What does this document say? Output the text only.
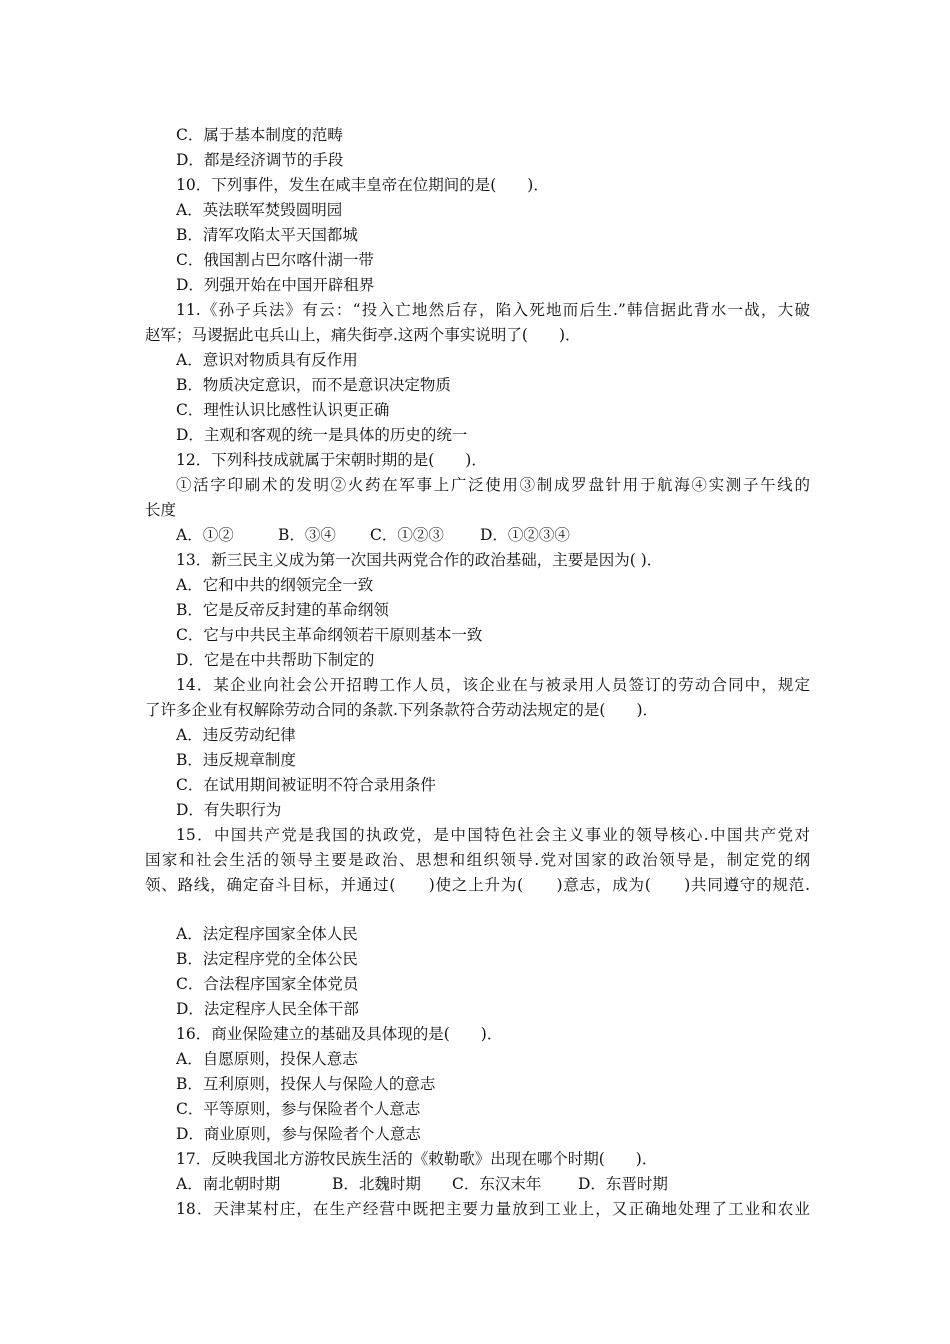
C．属于基本制度的范畴
D．都是经济调节的手段
10．下列事件，发生在咸丰皇帝在位期间的是(　　)．
A．英法联军焚毁圆明园
B．清军攻陷太平天国都城
C．俄国割占巴尔喀什湖一带
D．列强开始在中国开辟租界
11.《孙子兵法》有云：“投入亡地然后存，陷入死地而后生.”韩信据此背水一战，大破
赵军；马谡据此屯兵山上，痛失街亭.这两个事实说明了(　　)．
A．意识对物质具有反作用
B．物质决定意识，而不是意识决定物质
C．理性认识比感性认识更正确
D．主观和客观的统一是具体的历史的统一
12．下列科技成就属于宋朝时期的是(　　)．
①活字印刷术的发明②火药在军事上广泛使用③制成罗盘针用于航海④实测子午线的
长度
A．①②	B．③④	C．①②③	D．①②③④
13．新三民主义成为第一次国共两党合作的政治基础，主要是因为( )．
A．它和中共的纲领完全一致
B．它是反帝反封建的革命纲领
C．它与中共民主革命纲领若干原则基本一致
D．它是在中共帮助下制定的
14．某企业向社会公开招聘工作人员，该企业在与被录用人员签订的劳动合同中，规定
了许多企业有权解除劳动合同的条款.下列条款符合劳动法规定的是(　　)．
A．违反劳动纪律
B．违反规章制度
C．在试用期间被证明不符合录用条件
D．有失职行为
15．中国共产党是我国的执政党，是中国特色社会主义事业的领导核心.中国共产党对
国家和社会生活的领导主要是政治、思想和组织领导.党对国家的政治领导是，制定党的纲
领、路线，确定奋斗目标，并通过(　　)使之上升为(　　)意志，成为(　　)共同遵守的规范.
A．法定程序国家全体人民
B．法定程序党的全体公民
C．合法程序国家全体党员
D．法定程序人民全体干部
16．商业保险建立的基础及具体现的是(　　)．
A．自愿原则，投保人意志
B．互利原则，投保人与保险人的意志
C．平等原则，参与保险者个人意志
D．商业原则，参与保险者个人意志
17．反映我国北方游牧民族生活的《敕勒歌》出现在哪个时期(　　)．
A．南北朝时期	B．北魏时期	C．东汉末年	D．东晋时期
18．天津某村庄，在生产经营中既把主要力量放到工业上，又正确地处理了工业和农业
